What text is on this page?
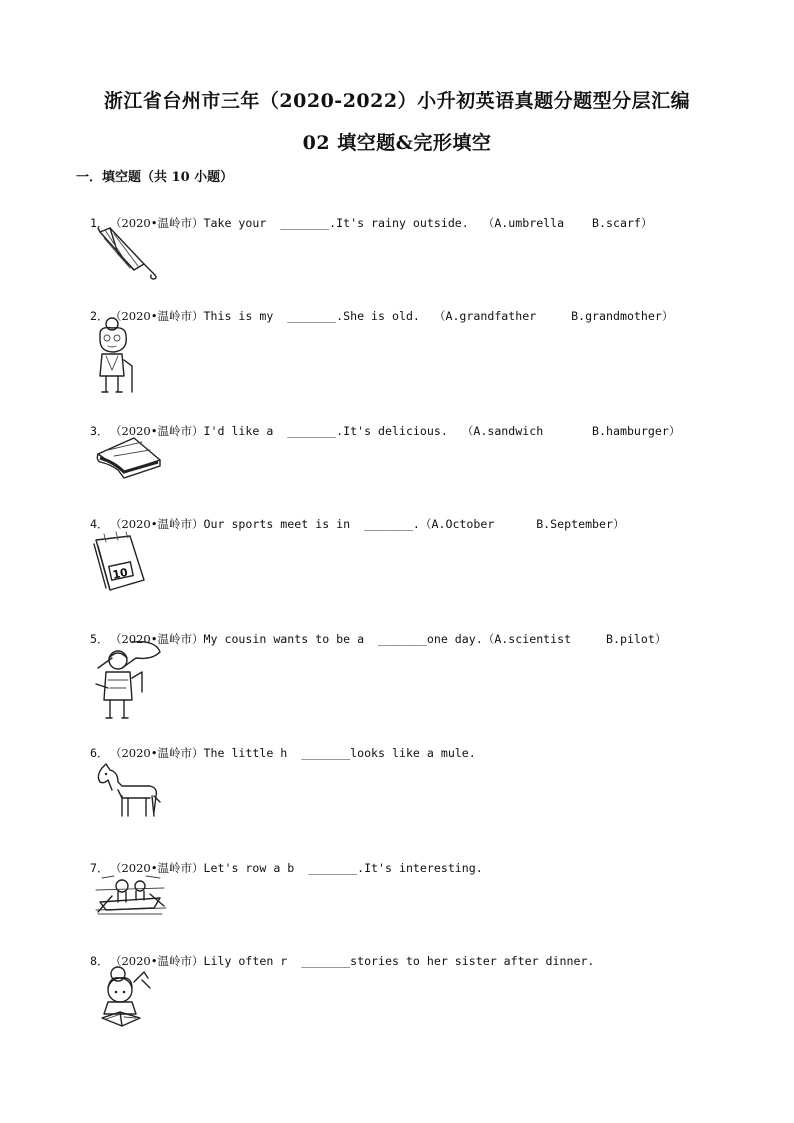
浙江省台州市三年（2020-2022）小升初英语真题分题型分层汇编
02 填空题&完形填空
一．填空题（共 10 小题）

1．（2020•温岭市）Take your  _______.It's rainy outside.  （A.umbrella    B.scarf）

2．（2020•温岭市）This is my  _______.She is old.  （A.grandfather     B.grandmother）

3．（2020•温岭市）I'd like a  _______.It's delicious.  （A.sandwich       B.hamburger）

4．（2020•温岭市）Our sports meet is in  _______.（A.October      B.September）

10

5．（2020•温岭市）My cousin wants to be a  _______one day.（A.scientist     B.pilot）

6．（2020•温岭市）The little h  _______looks like a mule.

7．（2020•温岭市）Let's row a b  _______.It's interesting.

8．（2020•温岭市）Lily often r  _______stories to her sister after dinner.
